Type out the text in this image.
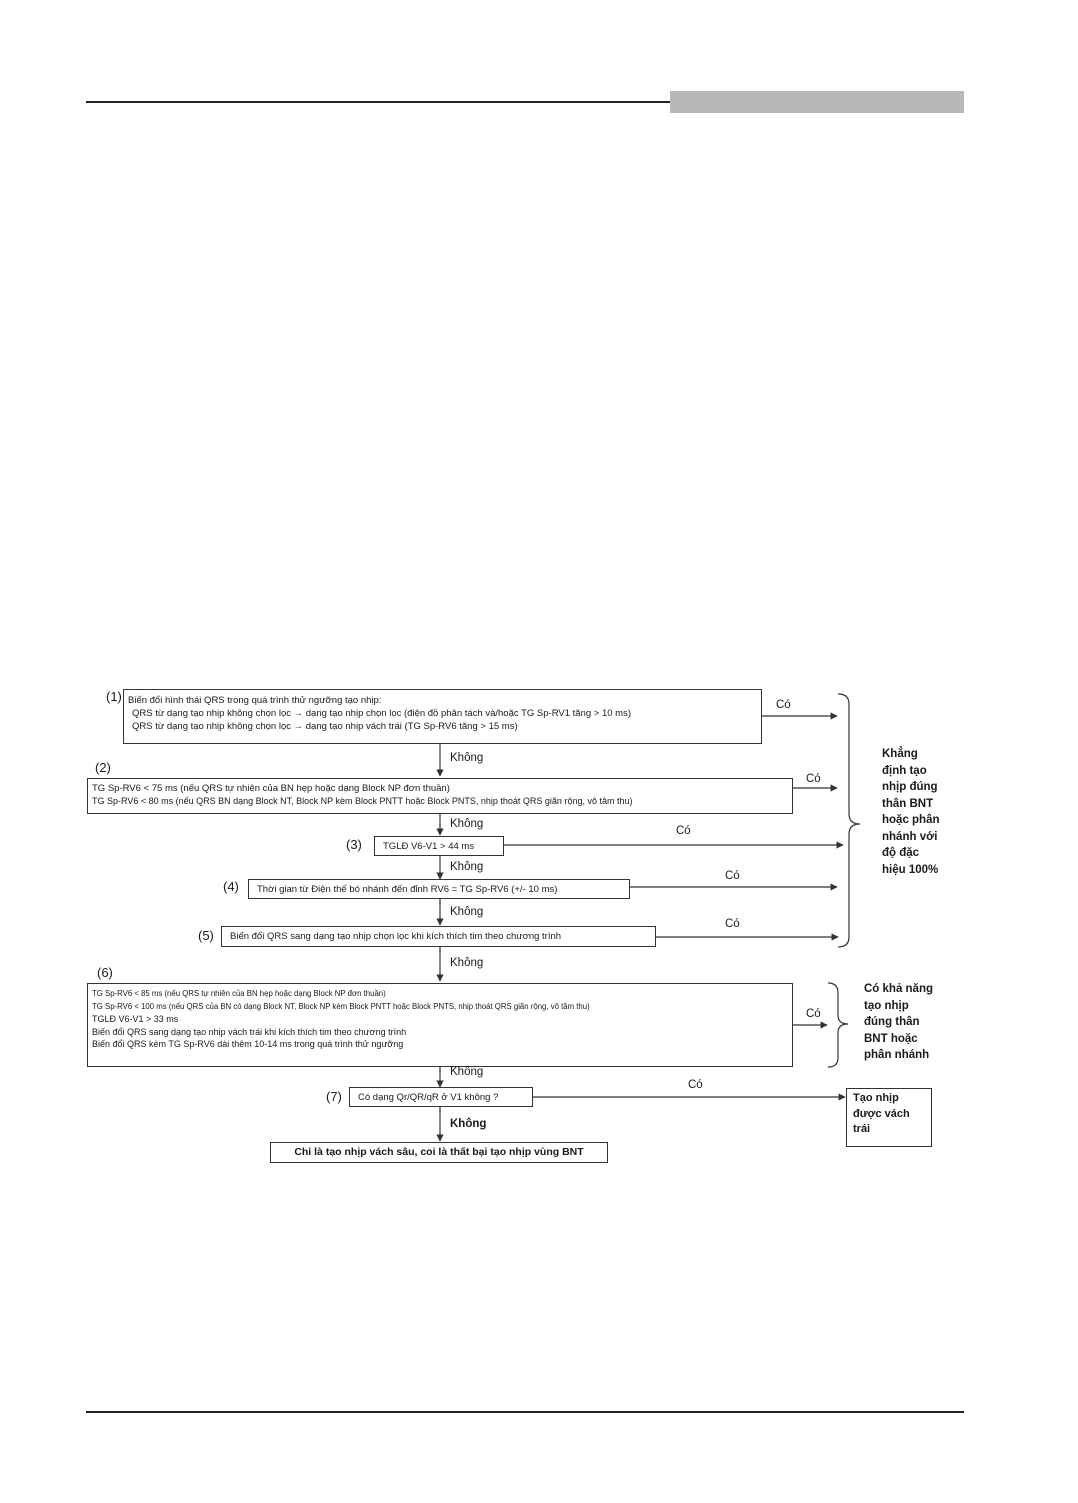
(1) Biến đổi hình thái QRS trong quá trình thử ngưỡng tạo nhịp:
QRS từ dạng tạo nhịp không chọn lọc → dạng tạo nhịp chọn lọc (điện đồ phân tách và/hoặc TG Sp-RV1 tăng > 10 ms)
QRS từ dạng tạo nhịp không chọn lọc → dạng tạo nhịp vách trái (TG Sp-RV6 tăng > 15 ms)
Có
Không
(2)
TG Sp-RV6 < 75 ms (nếu QRS tự nhiên của BN hẹp hoặc dạng Block NP đơn thuần)
TG Sp-RV6 < 80 ms (nếu QRS BN dạng Block NT, Block NP kèm Block PNTT hoặc Block PNTS, nhịp thoát QRS giãn rộng, vô tâm thu)
Có
Không
(3)	TGLĐ V6-V1 > 44 ms
Có
Không
(4)	Thời gian từ Điện thế bó nhánh đến đỉnh RV6 = TG Sp-RV6 (+/- 10 ms)
Có
Không
(5)	Biến đổi QRS sang dạng tạo nhịp chọn lọc khi kích thích tim theo chương trình
Có
Không
Khẳng
định tạo
nhịp đúng
thân BNT
hoặc phân
nhánh với
độ đặc
hiệu 100%
(6)
TG Sp-RV6 < 85 ms (nếu QRS tự nhiên của BN hẹp hoặc dạng Block NP đơn thuần)
TG Sp-RV6 < 100 ms (nếu QRS của BN có dạng Block NT, Block NP kèm Block PNTT hoặc Block PNTS, nhịp thoát QRS giãn rộng, vô tâm thu)
TGLĐ V6-V1 > 33 ms
Biến đổi QRS sang dạng tạo nhịp vách trái khi kích thích tim theo chương trình
Biến đổi QRS kèm TG Sp-RV6 dài thêm 10-14 ms trong quá trình thử ngưỡng
Có
Không
Có khả năng
tạo nhịp
đúng thân
BNT hoặc
phân nhánh
(7)	Có dạng Qr/QR/qR ở V1 không ?
Có
Không
Tạo nhịp
được vách
trái
Chỉ là tạo nhịp vách sâu, coi là thất bại tạo nhịp vùng BNT
